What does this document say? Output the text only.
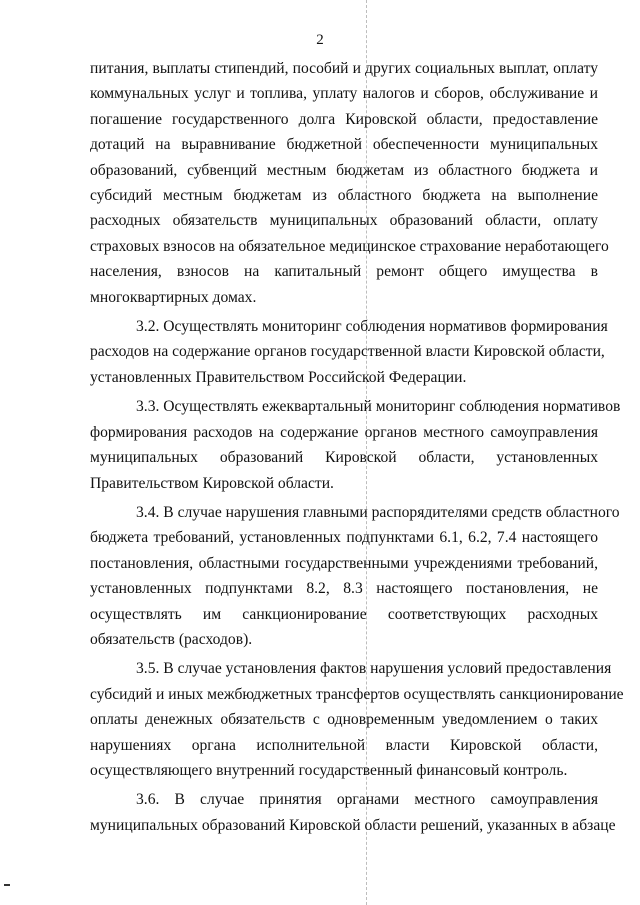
2
питания, выплаты стипендий, пособий и других социальных выплат, оплату
коммунальных услуг и топлива, уплату налогов и сборов, обслуживание и
погашение государственного долга Кировской области, предоставление
дотаций на выравнивание бюджетной обеспеченности муниципальных
образований, субвенций местным бюджетам из областного бюджета и
субсидий местным бюджетам из областного бюджета на выполнение
расходных обязательств муниципальных образований области, оплату
страховых взносов на обязательное медицинское страхование неработающего
населения, взносов на капитальный ремонт общего имущества в
многоквартирных домах.
3.2. Осуществлять мониторинг соблюдения нормативов формирования
расходов на содержание органов государственной власти Кировской области,
установленных Правительством Российской Федерации.
3.3. Осуществлять ежеквартальный мониторинг соблюдения нормативов
формирования расходов на содержание органов местного самоуправления
муниципальных образований Кировской области, установленных
Правительством Кировской области.
3.4. В случае нарушения главными распорядителями средств областного
бюджета требований, установленных подпунктами 6.1, 6.2, 7.4 настоящего
постановления, областными государственными учреждениями требований,
установленных подпунктами 8.2, 8.3 настоящего постановления, не
осуществлять им санкционирование соответствующих расходных
обязательств (расходов).
3.5. В случае установления фактов нарушения условий предоставления
субсидий и иных межбюджетных трансфертов осуществлять санкционирование
оплаты денежных обязательств с одновременным уведомлением о таких
нарушениях органа исполнительной власти Кировской области,
осуществляющего внутренний государственный финансовый контроль.
3.6. В случае принятия органами местного самоуправления
муниципальных образований Кировской области решений, указанных в абзаце
